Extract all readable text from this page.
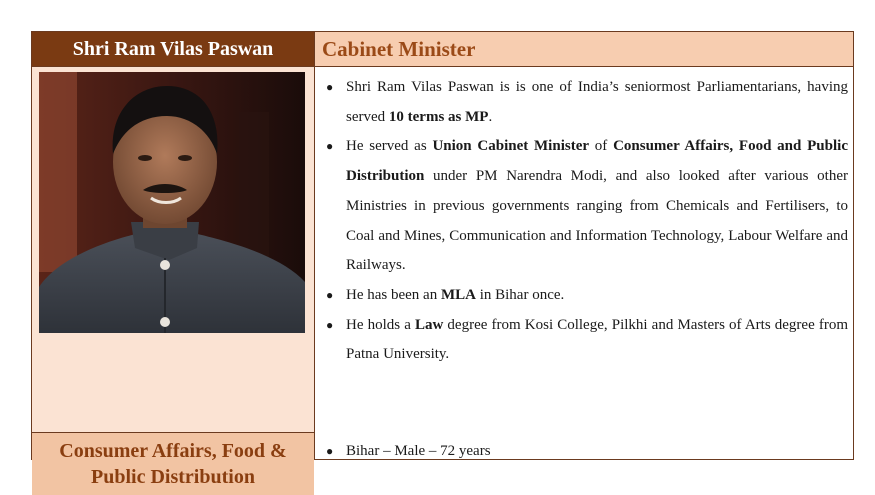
Shri Ram Vilas Paswan	Cabinet Minister
Consumer Affairs, Food &
Public Distribution
● Shri Ram Vilas Paswan is is one of India’s seniormost Parliamentarians, having served 10 terms as MP.
● He served as Union Cabinet Minister of Consumer Affairs, Food and Public Distribution under PM Narendra Modi, and also looked after various other Ministries in previous governments ranging from Chemicals and Fertilisers, to Coal and Mines, Communication and Information Technology, Labour Welfare and Railways.
● He has been an MLA in Bihar once.
● He holds a Law degree from Kosi College, Pilkhi and Masters of Arts degree from Patna University.
● Bihar – Male – 72 years
